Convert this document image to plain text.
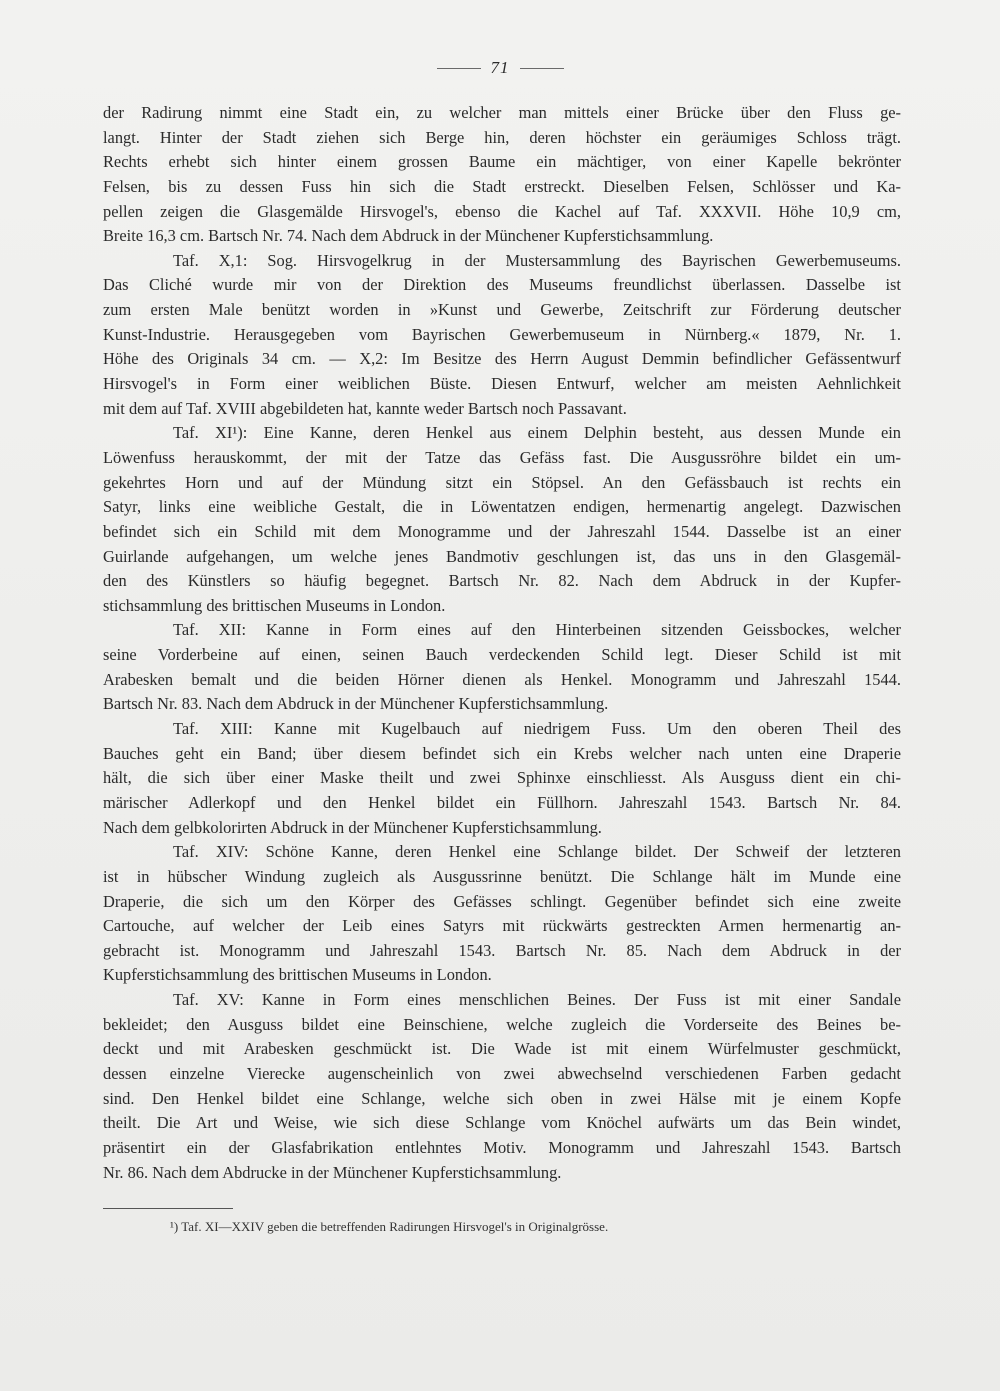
71
der Radirung nimmt eine Stadt ein, zu welcher man mittels einer Brücke über den Fluss ge-
langt. Hinter der Stadt ziehen sich Berge hin, deren höchster ein geräumiges Schloss trägt.
Rechts erhebt sich hinter einem grossen Baume ein mächtiger, von einer Kapelle bekrönter
Felsen, bis zu dessen Fuss hin sich die Stadt erstreckt. Dieselben Felsen, Schlösser und Ka-
pellen zeigen die Glasgemälde Hirsvogel's, ebenso die Kachel auf Taf. XXXVII. Höhe 10,9 cm,
Breite 16,3 cm. Bartsch Nr. 74. Nach dem Abdruck in der Münchener Kupferstichsammlung.
Taf. X,1: Sog. Hirsvogelkrug in der Mustersammlung des Bayrischen Gewerbemuseums.
Das Cliché wurde mir von der Direktion des Museums freundlichst überlassen. Dasselbe ist
zum ersten Male benützt worden in »Kunst und Gewerbe, Zeitschrift zur Förderung deutscher
Kunst-Industrie. Herausgegeben vom Bayrischen Gewerbemuseum in Nürnberg.« 1879, Nr. 1.
Höhe des Originals 34 cm. — X,2: Im Besitze des Herrn August Demmin befindlicher Gefässentwurf
Hirsvogel's in Form einer weiblichen Büste. Diesen Entwurf, welcher am meisten Aehnlichkeit
mit dem auf Taf. XVIII abgebildeten hat, kannte weder Bartsch noch Passavant.
Taf. XI¹): Eine Kanne, deren Henkel aus einem Delphin besteht, aus dessen Munde ein
Löwenfuss herauskommt, der mit der Tatze das Gefäss fast. Die Ausgussröhre bildet ein um-
gekehrtes Horn und auf der Mündung sitzt ein Stöpsel. An den Gefässbauch ist rechts ein
Satyr, links eine weibliche Gestalt, die in Löwentatzen endigen, hermenartig angelegt. Dazwischen
befindet sich ein Schild mit dem Monogramme und der Jahreszahl 1544. Dasselbe ist an einer
Guirlande aufgehangen, um welche jenes Bandmotiv geschlungen ist, das uns in den Glasgemäl-
den des Künstlers so häufig begegnet. Bartsch Nr. 82. Nach dem Abdruck in der Kupfer-
stichsammlung des brittischen Museums in London.
Taf. XII: Kanne in Form eines auf den Hinterbeinen sitzenden Geissbockes, welcher
seine Vorderbeine auf einen, seinen Bauch verdeckenden Schild legt. Dieser Schild ist mit
Arabesken bemalt und die beiden Hörner dienen als Henkel. Monogramm und Jahreszahl 1544.
Bartsch Nr. 83. Nach dem Abdruck in der Münchener Kupferstichsammlung.
Taf. XIII: Kanne mit Kugelbauch auf niedrigem Fuss. Um den oberen Theil des
Bauches geht ein Band; über diesem befindet sich ein Krebs welcher nach unten eine Draperie
hält, die sich über einer Maske theilt und zwei Sphinxe einschliesst. Als Ausguss dient ein chi-
märischer Adlerkopf und den Henkel bildet ein Füllhorn. Jahreszahl 1543. Bartsch Nr. 84.
Nach dem gelbkolorirten Abdruck in der Münchener Kupferstichsammlung.
Taf. XIV: Schöne Kanne, deren Henkel eine Schlange bildet. Der Schweif der letzteren
ist in hübscher Windung zugleich als Ausgussrinne benützt. Die Schlange hält im Munde eine
Draperie, die sich um den Körper des Gefässes schlingt. Gegenüber befindet sich eine zweite
Cartouche, auf welcher der Leib eines Satyrs mit rückwärts gestreckten Armen hermenartig an-
gebracht ist. Monogramm und Jahreszahl 1543. Bartsch Nr. 85. Nach dem Abdruck in der
Kupferstichsammlung des brittischen Museums in London.
Taf. XV: Kanne in Form eines menschlichen Beines. Der Fuss ist mit einer Sandale
bekleidet; den Ausguss bildet eine Beinschiene, welche zugleich die Vorderseite des Beines be-
deckt und mit Arabesken geschmückt ist. Die Wade ist mit einem Würfelmuster geschmückt,
dessen einzelne Vierecke augenscheinlich von zwei abwechselnd verschiedenen Farben gedacht
sind. Den Henkel bildet eine Schlange, welche sich oben in zwei Hälse mit je einem Kopfe
theilt. Die Art und Weise, wie sich diese Schlange vom Knöchel aufwärts um das Bein windet,
präsentirt ein der Glasfabrikation entlehntes Motiv. Monogramm und Jahreszahl 1543. Bartsch
Nr. 86. Nach dem Abdrucke in der Münchener Kupferstichsammlung.
¹) Taf. XI—XXIV geben die betreffenden Radirungen Hirsvogel's in Originalgrösse.
